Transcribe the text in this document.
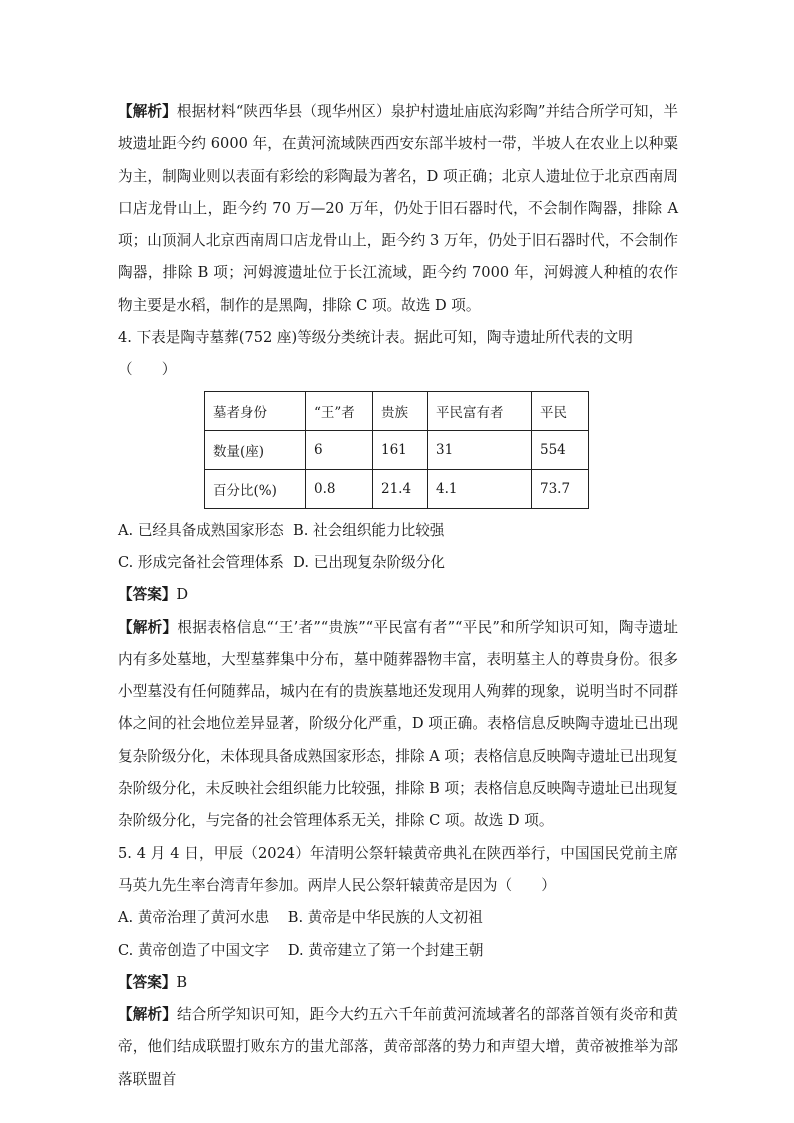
【解析】根据材料“陕西华县（现华州区）泉护村遗址庙底沟彩陶”并结合所学可知，半坡遗址距今约 6000 年，在黄河流域陕西西安东部半坡村一带，半坡人在农业上以种粟为主，制陶业则以表面有彩绘的彩陶最为著名，D 项正确；北京人遗址位于北京西南周口店龙骨山上，距今约 70 万—20 万年，仍处于旧石器时代，不会制作陶器，排除 A 项；山顶洞人北京西南周口店龙骨山上，距今约 3 万年，仍处于旧石器时代，不会制作陶器，排除 B 项；河姆渡遗址位于长江流域，距今约 7000 年，河姆渡人种植的农作物主要是水稻，制作的是黑陶，排除 C 项。故选 D 项。

4. 下表是陶寺墓葬(752 座)等级分类统计表。据此可知，陶寺遗址所代表的文明（　　）

墓者身份	“王”者	贵族	平民富有者	平民
数量(座)	6	161	31	554
百分比(%)	0.8	21.4	4.1	73.7

A. 已经具备成熟国家形态  B. 社会组织能力比较强

C. 形成完备社会管理体系  D. 已出现复杂阶级分化

【答案】D

【解析】根据表格信息“‘王’者”“贵族”“平民富有者”“平民”和所学知识可知，陶寺遗址内有多处墓地，大型墓葬集中分布，墓中随葬器物丰富，表明墓主人的尊贵身份。很多小型墓没有任何随葬品，城内在有的贵族墓地还发现用人殉葬的现象，说明当时不同群体之间的社会地位差异显著，阶级分化严重，D 项正确。表格信息反映陶寺遗址已出现复杂阶级分化，未体现具备成熟国家形态，排除 A 项；表格信息反映陶寺遗址已出现复杂阶级分化，未反映社会组织能力比较强，排除 B 项；表格信息反映陶寺遗址已出现复杂阶级分化，与完备的社会管理体系无关，排除 C 项。故选 D 项。

5. 4 月 4 日，甲辰（2024）年清明公祭轩辕黄帝典礼在陕西举行，中国国民党前主席马英九先生率台湾青年参加。两岸人民公祭轩辕黄帝是因为（　　）

A. 黄帝治理了黄河水患    B. 黄帝是中华民族的人文初祖

C. 黄帝创造了中国文字    D. 黄帝建立了第一个封建王朝

【答案】B

【解析】结合所学知识可知，距今大约五六千年前黄河流域著名的部落首领有炎帝和黄帝，他们结成联盟打败东方的蚩尤部落，黄帝部落的势力和声望大增，黄帝被推举为部落联盟首
